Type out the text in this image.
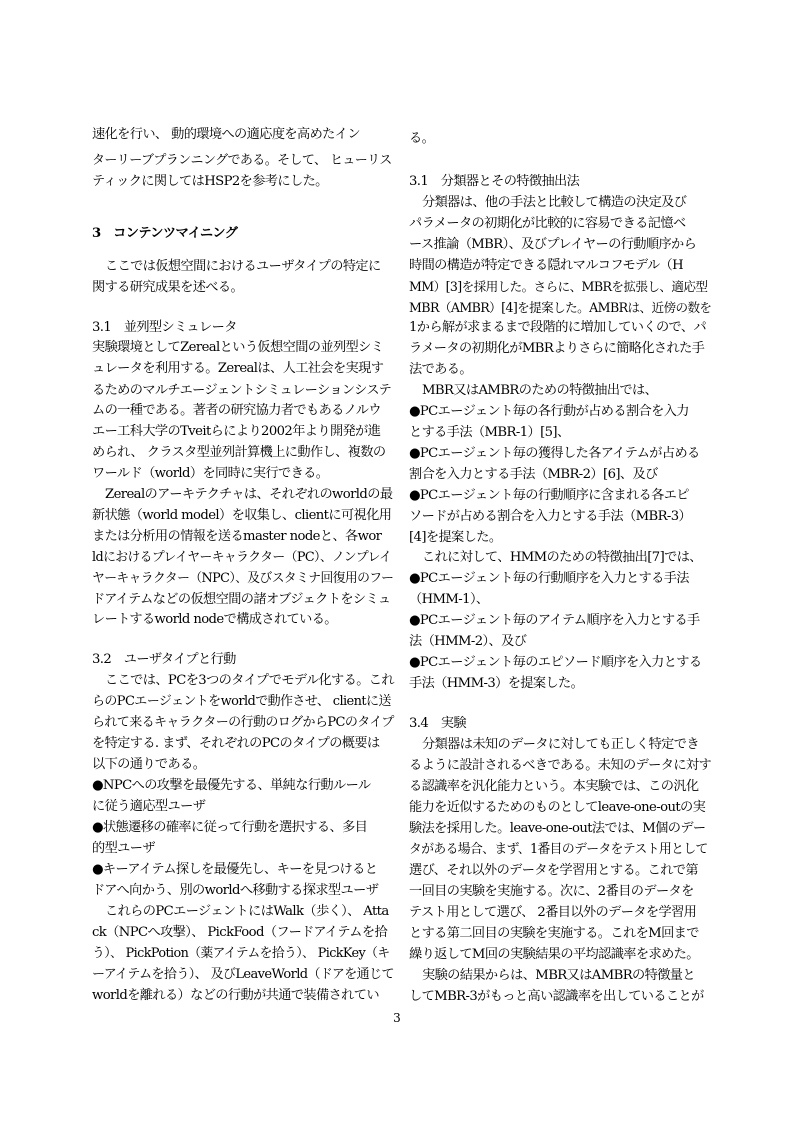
速化を行い、 動的環境への適応度を高めたイン
ターリーブプランニングである。そして、 ヒューリス
ティックに関してはHSP2を参考にした。
3　コンテンツマイニング
ここでは仮想空間におけるユーザタイプの特定に
関する研究成果を述べる。
3.1　並列型シミュレータ
実験環境としてZerealという仮想空間の並列型シミ
ュレータを利用する。Zerealは、人工社会を実現す
るためのマルチエージェントシミュレーションシステ
ムの一種である。著者の研究協力者でもあるノルウ
エー工科大学のTveitらにより2002年より開発が進
められ、 クラスタ型並列計算機上に動作し、複数の
ワールド（world）を同時に実行できる。
Zerealのアーキテクチャは、それぞれのworldの最
新状態（world model）を収集し、clientに可視化用
または分析用の情報を送るmaster nodeと、各wor
ldにおけるプレイヤーキャラクター（PC）、ノンプレイ
ヤーキャラクター（NPC）、及びスタミナ回復用のフー
ドアイテムなどの仮想空間の諸オブジェクトをシミュ
レートするworld nodeで構成されている。
3.2　ユーザタイプと行動
ここでは、PCを3つのタイプでモデル化する。これ
らのPCエージェントをworldで動作させ、 clientに送
られて来るキャラクターの行動のログからPCのタイプ
を特定する. まず、それぞれのPCのタイプの概要は
以下の通りである。
●NPCへの攻撃を最優先する、単純な行動ルール
に従う適応型ユーザ
●状態遷移の確率に従って行動を選択する、多目
的型ユーザ
●キーアイテム探しを最優先し、キーを見つけると
ドアへ向かう、別のworldへ移動する探求型ユーザ
これらのPCエージェントにはWalk（歩く）、 Atta
ck（NPCへ攻撃）、 PickFood（フードアイテムを拾
う）、 PickPotion（薬アイテムを拾う）、 PickKey（キ
ーアイテムを拾う）、 及びLeaveWorld（ドアを通じて
worldを離れる）などの行動が共通で装備されてい
る。
3.1　分類器とその特徴抽出法
分類器は、他の手法と比較して構造の決定及び
パラメータの初期化が比較的に容易できる記憶ベ
ース推論（MBR）、及びプレイヤーの行動順序から
時間の構造が特定できる隠れマルコフモデル（H
MM）[3]を採用した。さらに、MBRを拡張し、適応型
MBR（AMBR）[4]を提案した。AMBRは、近傍の数を
1から解が求まるまで段階的に増加していくので、パ
ラメータの初期化がMBRよりさらに簡略化された手
法である。
MBR又はAMBRのための特徴抽出では、
●PCエージェント毎の各行動が占める割合を入力
とする手法（MBR-1）[5]、
●PCエージェント毎の獲得した各アイテムが占める
割合を入力とする手法（MBR-2）[6]、及び
●PCエージェント毎の行動順序に含まれる各エピ
ソードが占める割合を入力とする手法（MBR-3）
[4]を提案した。
これに対して、HMMのための特徴抽出[7]では、
●PCエージェント毎の行動順序を入力とする手法
（HMM-1）、
●PCエージェント毎のアイテム順序を入力とする手
法（HMM-2）、及び
●PCエージェント毎のエピソード順序を入力とする
手法（HMM-3）を提案した。
3.4　実験
分類器は未知のデータに対しても正しく特定でき
るように設計されるべきである。未知のデータに対す
る認識率を汎化能力という。本実験では、この汎化
能力を近似するためのものとしてleave-one-outの実
験法を採用した。leave-one-out法では、M個のデー
タがある場合、まず、1番目のデータをテスト用として
選び、それ以外のデータを学習用とする。これで第
一回目の実験を実施する。次に、2番目のデータを
テスト用として選び、 2番目以外のデータを学習用
とする第二回目の実験を実施する。これをM回まで
繰り返してM回の実験結果の平均認識率を求めた。
実験の結果からは、MBR又はAMBRの特徴量と
してMBR-3がもっと高い認識率を出していることが
3
